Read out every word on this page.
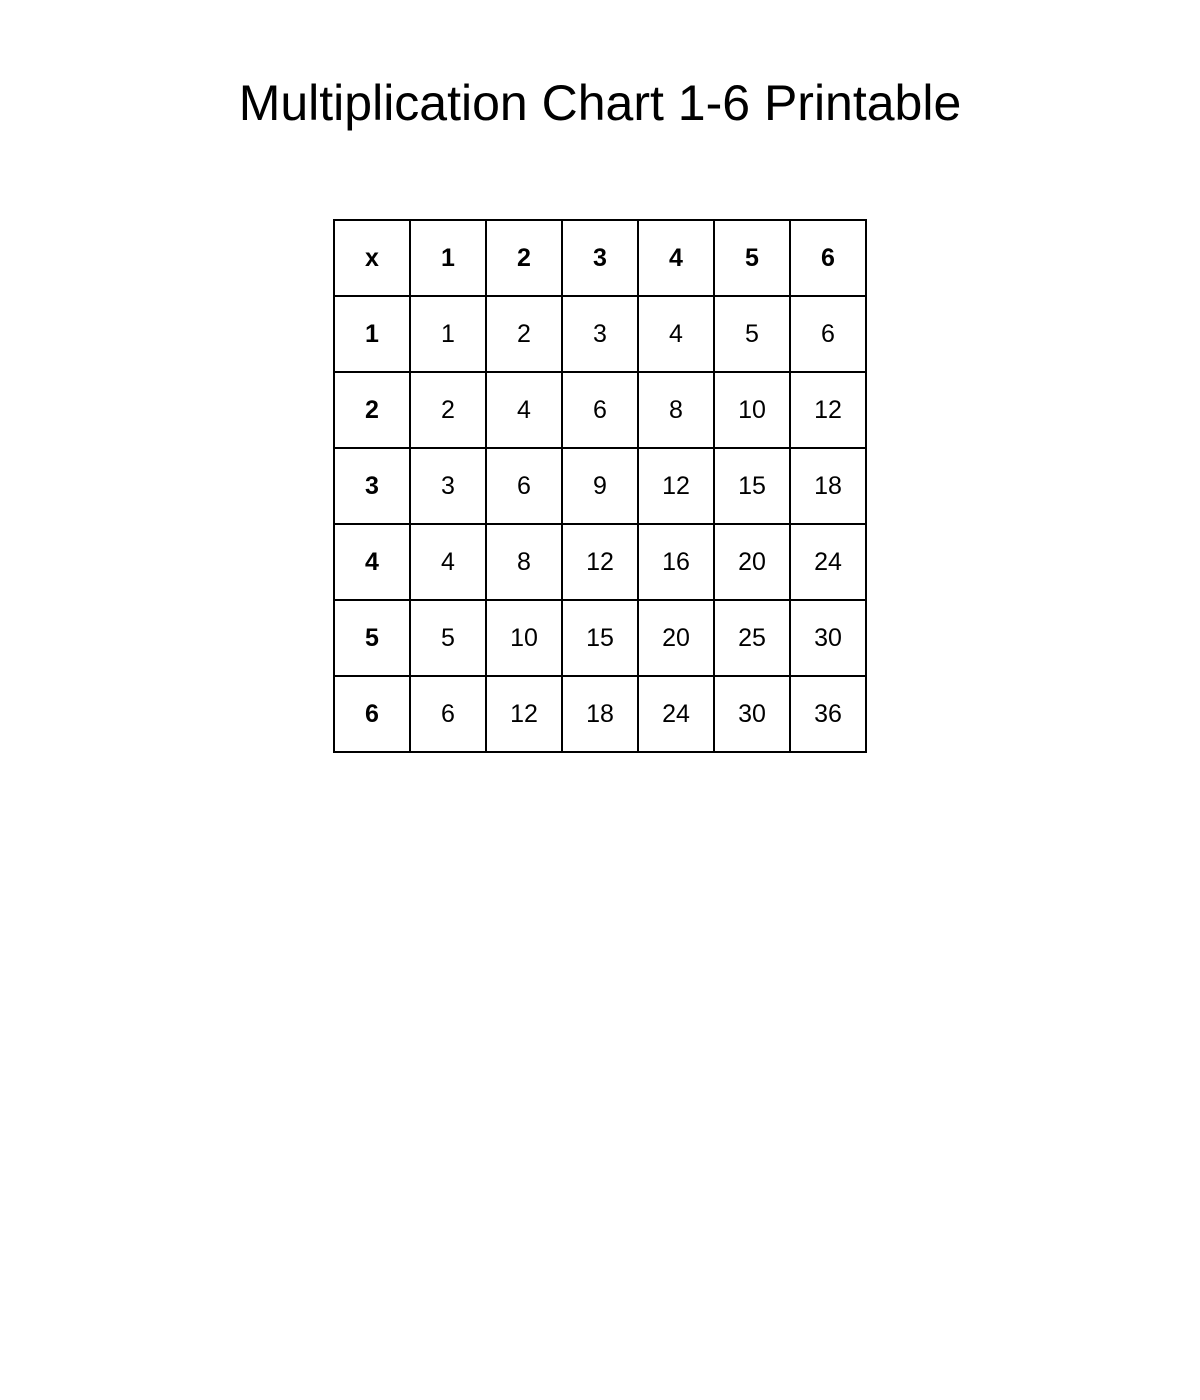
Multiplication Chart 1-6 Printable
x	1	2	3	4	5	6
1	1	2	3	4	5	6
2	2	4	6	8	10	12
3	3	6	9	12	15	18
4	4	8	12	16	20	24
5	5	10	15	20	25	30
6	6	12	18	24	30	36
